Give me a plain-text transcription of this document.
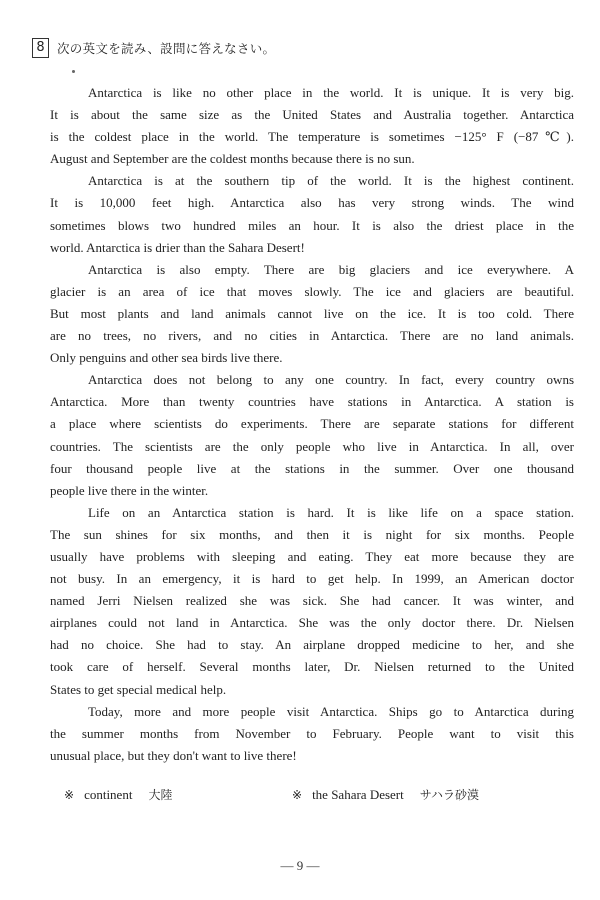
8 次の英文を読み、設問に答えなさい。
Antarctica is like no other place in the world. It is unique. It is very big.
It is about the same size as the United States and Australia together. Antarctica
is the coldest place in the world. The temperature is sometimes −125° F (−87℃).
August and September are the coldest months because there is no sun.
Antarctica is at the southern tip of the world. It is the highest continent.
It is 10,000 feet high. Antarctica also has very strong winds. The wind
sometimes blows two hundred miles an hour. It is also the driest place in the
world. Antarctica is drier than the Sahara Desert!
Antarctica is also empty. There are big glaciers and ice everywhere. A
glacier is an area of ice that moves slowly. The ice and glaciers are beautiful.
But most plants and land animals cannot live on the ice. It is too cold. There
are no trees, no rivers, and no cities in Antarctica. There are no land animals.
Only penguins and other sea birds live there.
Antarctica does not belong to any one country. In fact, every country owns
Antarctica. More than twenty countries have stations in Antarctica. A station is
a place where scientists do experiments. There are separate stations for different
countries. The scientists are the only people who live in Antarctica. In all, over
four thousand people live at the stations in the summer. Over one thousand
people live there in the winter.
Life on an Antarctica station is hard. It is like life on a space station.
The sun shines for six months, and then it is night for six months. People
usually have problems with sleeping and eating. They eat more because they are
not busy. In an emergency, it is hard to get help. In 1999, an American doctor
named Jerri Nielsen realized she was sick. She had cancer. It was winter, and
airplanes could not land in Antarctica. She was the only doctor there. Dr. Nielsen
had no choice. She had to stay. An airplane dropped medicine to her, and she
took care of herself. Several months later, Dr. Nielsen returned to the United
States to get special medical help.
Today, more and more people visit Antarctica. Ships go to Antarctica during
the summer months from November to February. People want to visit this
unusual place, but they don't want to live there!
※ continent 大陸	※ the Sahara Desert サハラ砂漠
— 9 —
